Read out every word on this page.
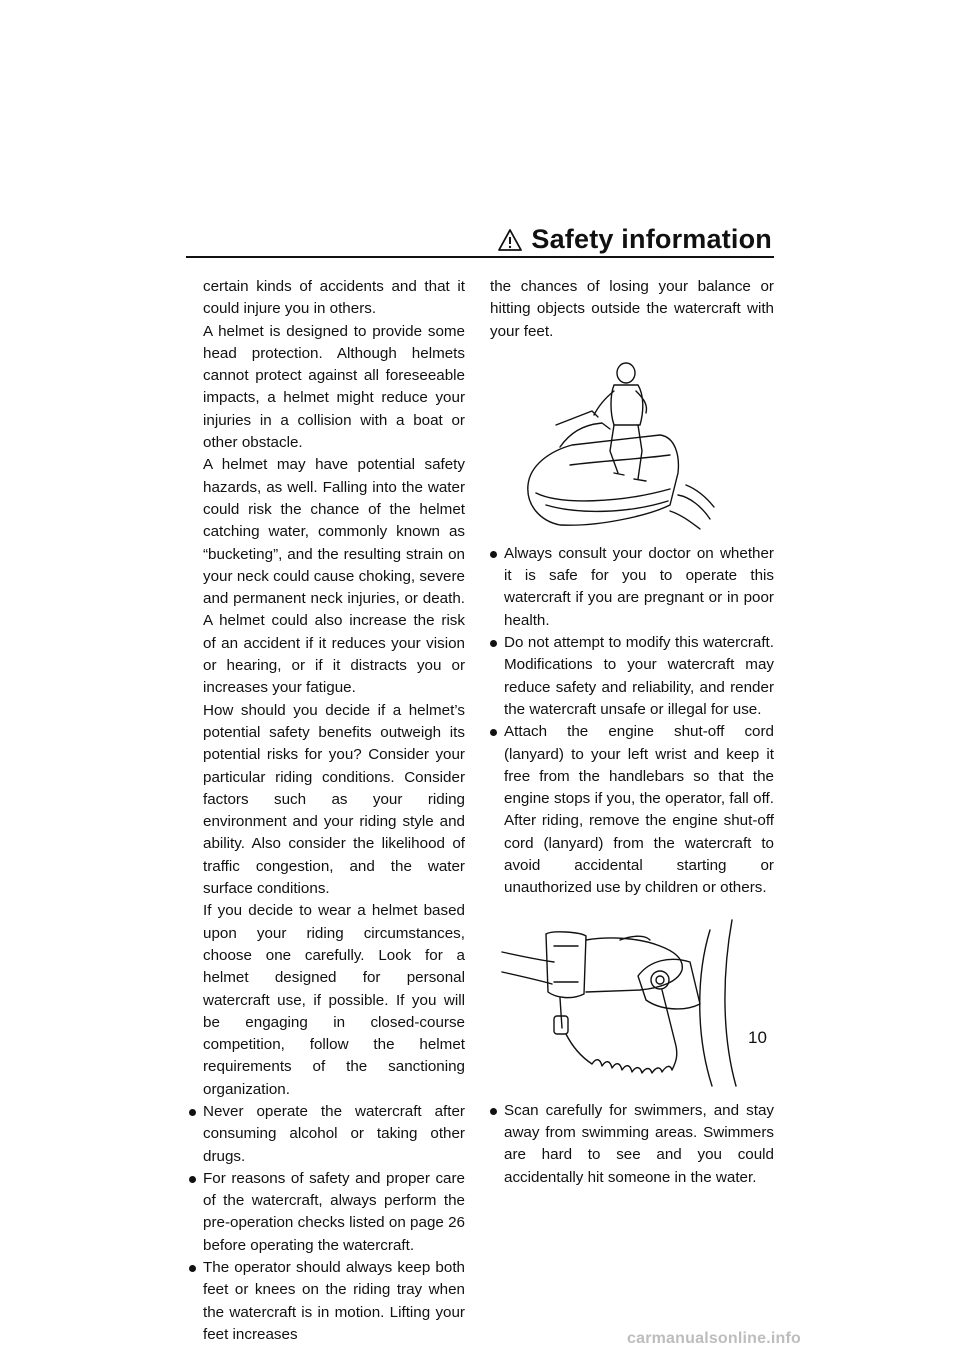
Safety information
10

certain kinds of accidents and that it could injure you in others.

A helmet is designed to provide some head protection. Although helmets cannot protect against all foreseeable impacts, a helmet might reduce your injuries in a collision with a boat or other obstacle.

A helmet may have potential safety hazards, as well. Falling into the water could risk the chance of the helmet catching water, commonly known as “bucketing”, and the resulting strain on your neck could cause choking, severe and permanent neck injuries, or death. A helmet could also increase the risk of an accident if it reduces your vision or hearing, or if it distracts you or increases your fatigue.

How should you decide if a helmet’s potential safety benefits outweigh its potential risks for you? Consider your particular riding conditions. Consider factors such as your riding environment and your riding style and ability. Also consider the likelihood of traffic congestion, and the water surface conditions.

If you decide to wear a helmet based upon your riding circumstances, choose one carefully. Look for a helmet designed for personal watercraft use, if possible. If you will be engaging in closed-course competition, follow the helmet requirements of the sanctioning organization.

Never operate the watercraft after consuming alcohol or taking other drugs.
For reasons of safety and proper care of the watercraft, always perform the pre-operation checks listed on page 26 before operating the watercraft.
The operator should always keep both feet or knees on the riding tray when the watercraft is in motion. Lifting your feet increases

the chances of losing your balance or hitting objects outside the watercraft with your feet.

Always consult your doctor on whether it is safe for you to operate this watercraft if you are pregnant or in poor health.
Do not attempt to modify this watercraft. Modifications to your watercraft may reduce safety and reliability, and render the watercraft unsafe or illegal for use.
Attach the engine shut-off cord (lanyard) to your left wrist and keep it free from the handlebars so that the engine stops if you, the operator, fall off. After riding, remove the engine shut-off cord (lanyard) from the watercraft to avoid accidental starting or unauthorized use by children or others.
Scan carefully for swimmers, and stay away from swimming areas. Swimmers are hard to see and you could accidentally hit someone in the water.
carmanualsonline.info
